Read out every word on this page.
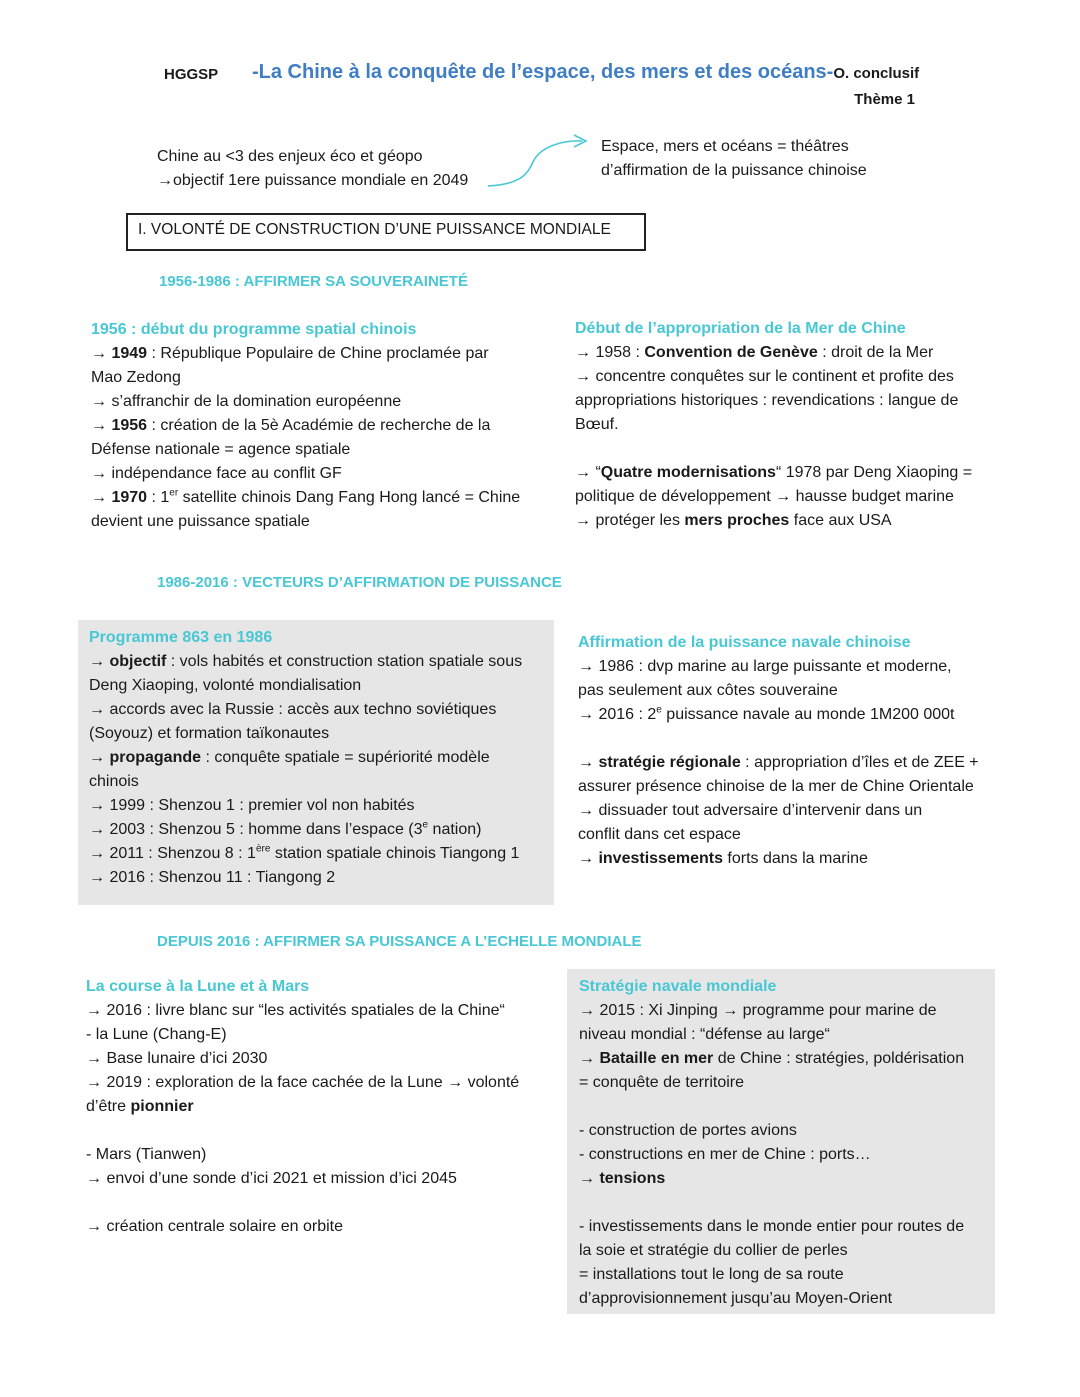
HGGSP -La Chine à la conquête de l’espace, des mers et des océans-O. conclusif
Thème 1
Chine au <3 des enjeux éco et géopo
→objectif 1ere puissance mondiale en 2049
Espace, mers et océans = théâtres
d’affirmation de la puissance chinoise
I. VOLONTÉ DE CONSTRUCTION D’UNE PUISSANCE MONDIALE
1956-1986 : AFFIRMER SA SOUVERAINETÉ

1956 : début du programme spatial chinois

→ 1949 : République Populaire de Chine proclamée par

Mao Zedong

→ s’affranchir de la domination européenne

→ 1956 : création de la 5è Académie de recherche de la

Défense nationale = agence spatiale

→ indépendance face au conflit GF

→ 1970 : 1er satellite chinois Dang Fang Hong lancé = Chine

devient une puissance spatiale

Début de l’appropriation de la Mer de Chine

→ 1958 : Convention de Genève : droit de la Mer

→ concentre conquêtes sur le continent et profite des

appropriations historiques : revendications : langue de

Bœuf.

→ “Quatre modernisations“ 1978 par Deng Xiaoping =

politique de développement → hausse budget marine

→ protéger les mers proches face aux USA

1986-2016 : VECTEURS D’AFFIRMATION DE PUISSANCE

Programme 863 en 1986

→ objectif : vols habités et construction station spatiale sous

Deng Xiaoping, volonté mondialisation

→ accords avec la Russie : accès aux techno soviétiques

(Soyouz) et formation taïkonautes

→ propagande : conquête spatiale = supériorité modèle

chinois

→ 1999 : Shenzou 1 : premier vol non habités

→ 2003 : Shenzou 5 : homme dans l’espace (3e nation)

→ 2011 : Shenzou 8 : 1ère station spatiale chinois Tiangong 1

→ 2016 : Shenzou 11 : Tiangong 2

Affirmation de la puissance navale chinoise

→ 1986 : dvp marine au large puissante et moderne,

pas seulement aux côtes souveraine

→ 2016 : 2e puissance navale au monde 1M200 000t

→ stratégie régionale : appropriation d’îles et de ZEE +

assurer présence chinoise de la mer de Chine Orientale

→ dissuader tout adversaire d’intervenir dans un

conflit dans cet espace

→ investissements forts dans la marine

DEPUIS 2016 : AFFIRMER SA PUISSANCE A L’ECHELLE MONDIALE

La course à la Lune et à Mars

→ 2016 : livre blanc sur “les activités spatiales de la Chine“

- la Lune (Chang-E)

→ Base lunaire d’ici 2030

→ 2019 : exploration de la face cachée de la Lune → volonté

d’être pionnier

- Mars (Tianwen)

→ envoi d’une sonde d’ici 2021 et mission d’ici 2045

→ création centrale solaire en orbite

Stratégie navale mondiale

→ 2015 : Xi Jinping → programme pour marine de

niveau mondial : “défense au large“

→ Bataille en mer de Chine : stratégies, poldérisation

= conquête de territoire

- construction de portes avions

- constructions en mer de Chine : ports…

→ tensions

- investissements dans le monde entier pour routes de

la soie et stratégie du collier de perles

= installations tout le long de sa route

d’approvisionnement jusqu’au Moyen-Orient
